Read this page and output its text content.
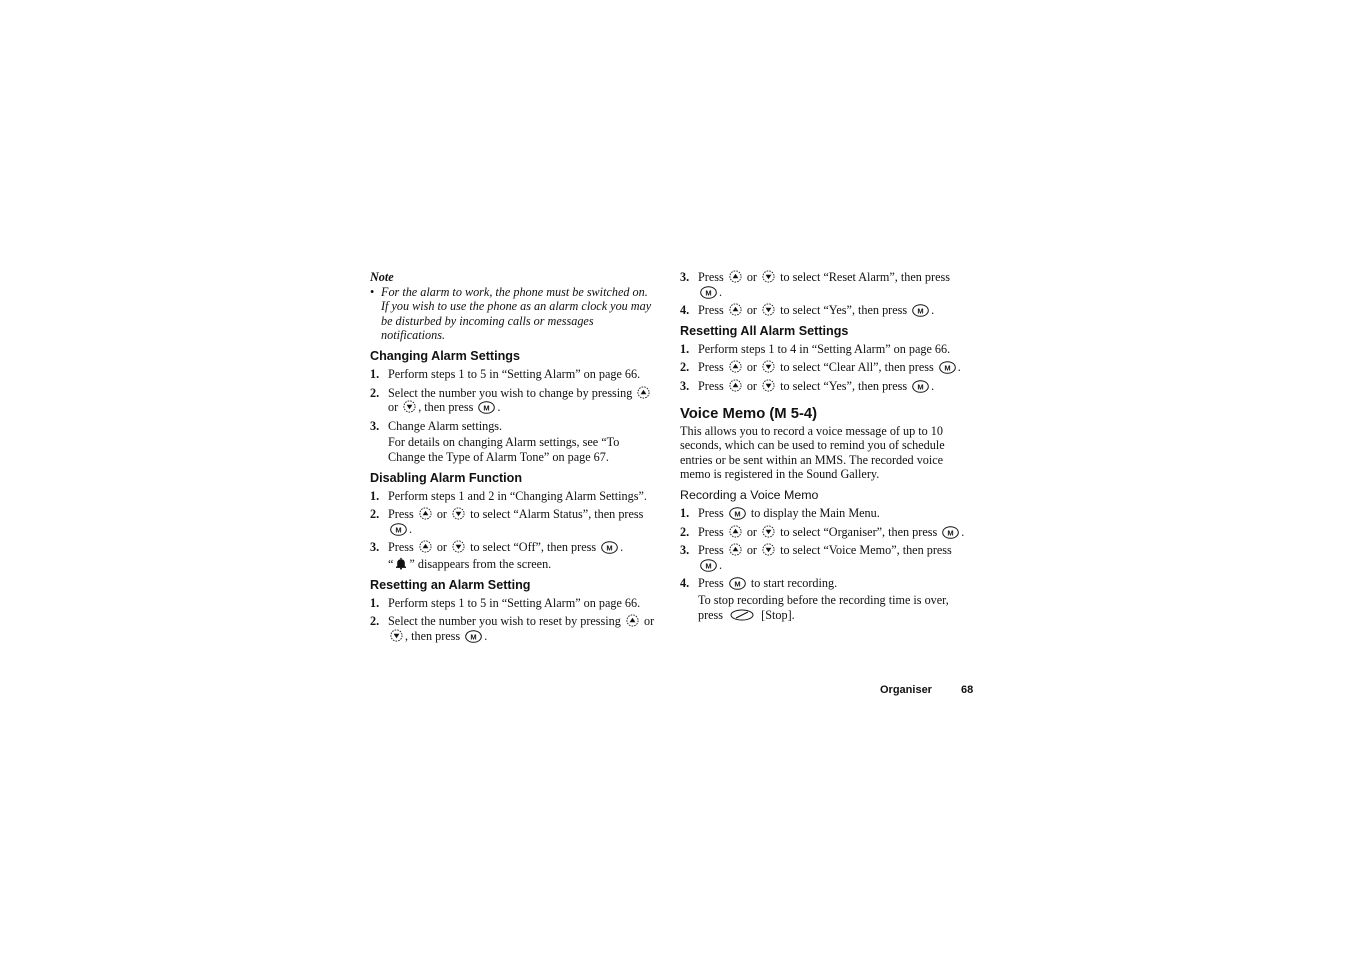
Note

• For the alarm to work, the phone must be switched on. If you wish to use the phone as an alarm clock you may be disturbed by incoming calls or messages notifications.

Changing Alarm Settings
1. Perform steps 1 to 5 in “Setting Alarm” on page 66.
2. Select the number you wish to change by pressing
or , then press M .
3. Change Alarm settings.
For details on changing Alarm settings, see “To Change the Type of Alarm Tone” on page 67.
Disabling Alarm Function
1. Perform steps 1 and 2 in “Changing Alarm Settings”.
2. Press or to select “Alarm Status”, then press
M .
3. Press or to select “Off”, then press M .
“ ” disappears from the screen.
Resetting an Alarm Setting
1. Perform steps 1 to 5 in “Setting Alarm” on page 66.
2. Select the number you wish to reset by pressing or
, then press M .
3. Press or to select “Reset Alarm”, then press
M .
4. Press or to select “Yes”, then press M .
Resetting All Alarm Settings
1. Perform steps 1 to 4 in “Setting Alarm” on page 66.
2. Press or to select “Clear All”, then press M .
3. Press or to select “Yes”, then press M .
Voice Memo (M 5-4)

This allows you to record a voice message of up to 10 seconds, which can be used to remind you of schedule entries or be sent within an MMS. The recorded voice memo is registered in the Sound Gallery.

Recording a Voice Memo
1. Press M to display the Main Menu.
2. Press or to select “Organiser”, then press M .
3. Press or to select “Voice Memo”, then press
M .
4. Press M to start recording.
To stop recording before the recording time is over, press	[Stop].
Organiser	68
